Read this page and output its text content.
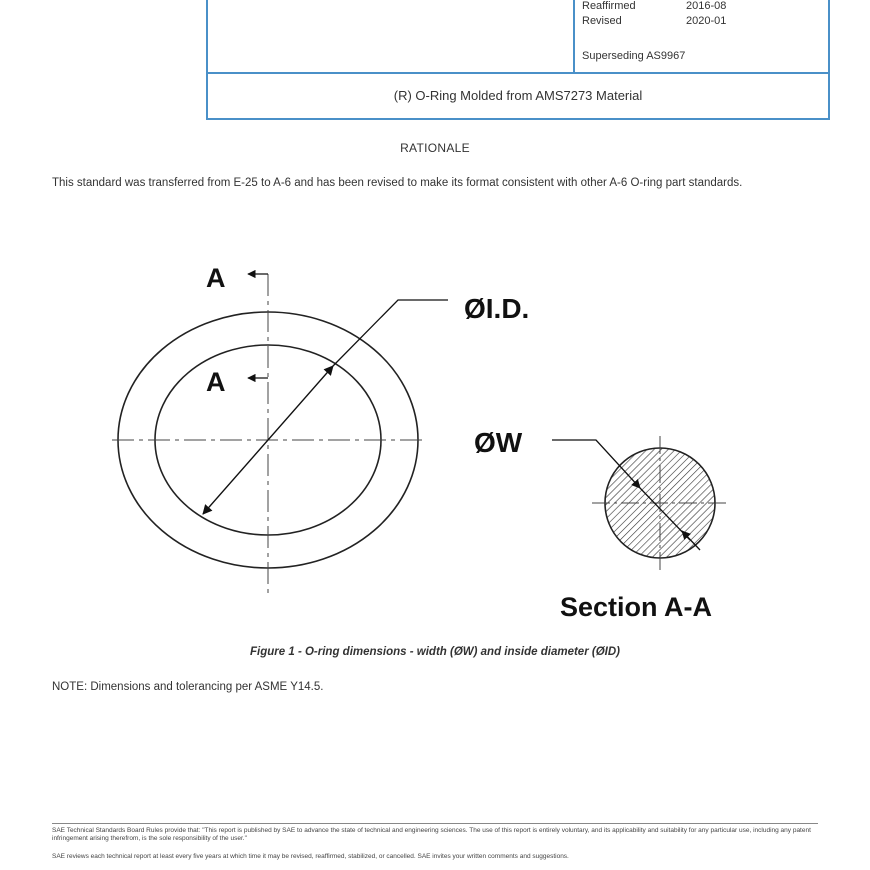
Reaffirmed	2016-08
Revised	2020-01
Superseding AS9967
(R) O-Ring Molded from AMS7273 Material
RATIONALE
This standard was transferred from E-25 to A-6 and has been revised to make its format consistent with other A-6 O-ring part standards.
A
A
ØI.D.
ØW
Section A-A
Figure 1 - O-ring dimensions - width (ØW) and inside diameter (ØID)
NOTE: Dimensions and tolerancing per ASME Y14.5.
SAE Technical Standards Board Rules provide that: "This report is published by SAE to advance the state of technical and engineering sciences. The use of this report is entirely voluntary, and its applicability and suitability for any particular use, including any patent infringement arising therefrom, is the sole responsibility of the user."
SAE reviews each technical report at least every five years at which time it may be revised, reaffirmed, stabilized, or cancelled. SAE invites your written comments and suggestions.
